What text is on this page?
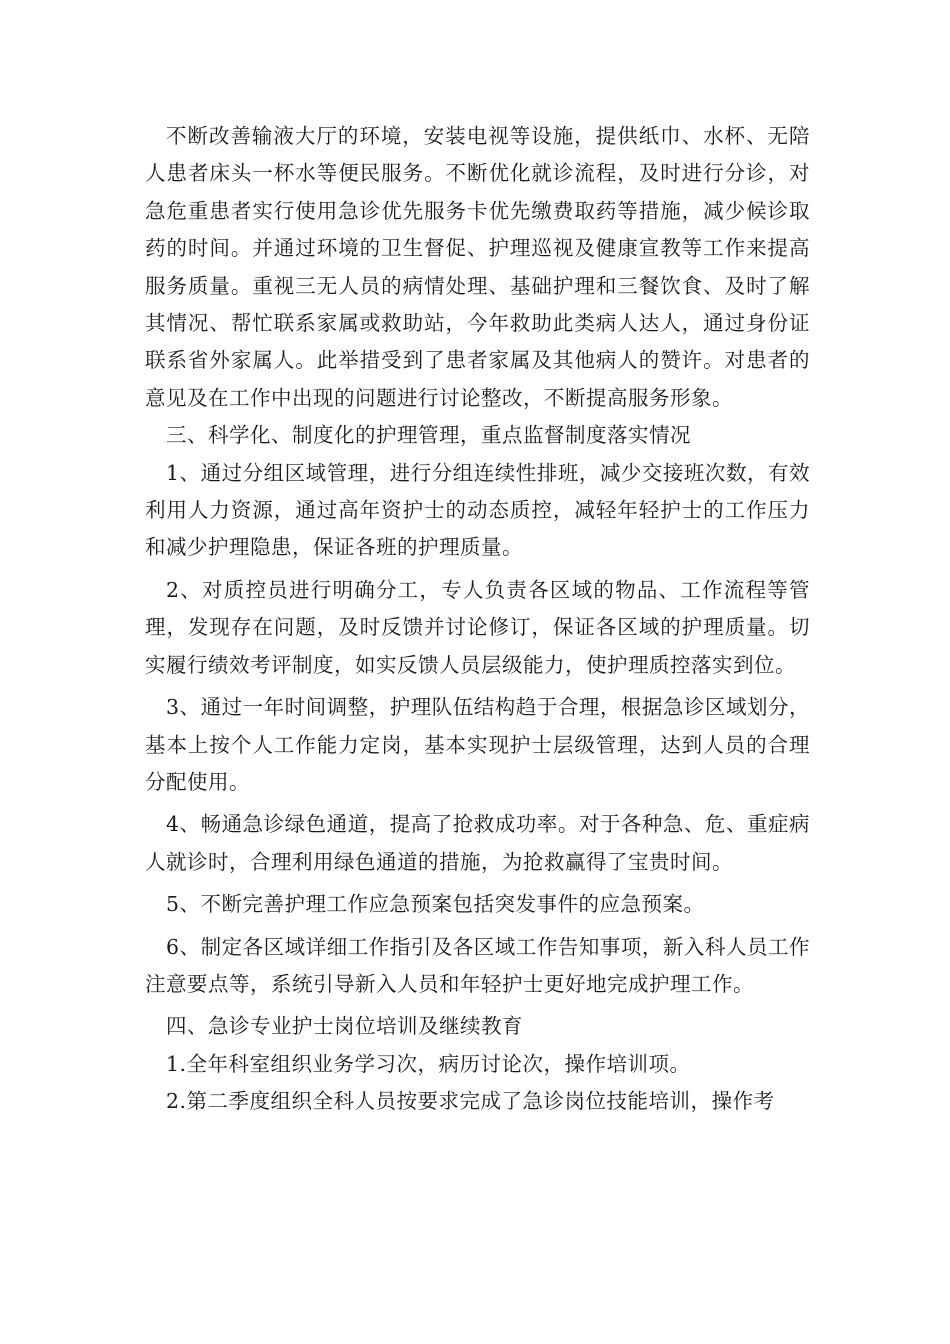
不断改善输液大厅的环境，安装电视等设施，提供纸巾、水杯、无陪人患者床头一杯水等便民服务。不断优化就诊流程，及时进行分诊，对急危重患者实行使用急诊优先服务卡优先缴费取药等措施，减少候诊取药的时间。并通过环境的卫生督促、护理巡视及健康宣教等工作来提高服务质量。重视三无人员的病情处理、基础护理和三餐饮食、及时了解其情况、帮忙联系家属或救助站，今年救助此类病人达人，通过身份证联系省外家属人。此举措受到了患者家属及其他病人的赞许。对患者的意见及在工作中出现的问题进行讨论整改，不断提高服务形象。

三、科学化、制度化的护理管理，重点监督制度落实情况

1、通过分组区域管理，进行分组连续性排班，减少交接班次数，有效利用人力资源，通过高年资护士的动态质控，减轻年轻护士的工作压力和减少护理隐患，保证各班的护理质量。

2、对质控员进行明确分工，专人负责各区域的物品、工作流程等管理，发现存在问题，及时反馈并讨论修订，保证各区域的护理质量。切实履行绩效考评制度，如实反馈人员层级能力，使护理质控落实到位。

3、通过一年时间调整，护理队伍结构趋于合理，根据急诊区域划分，基本上按个人工作能力定岗，基本实现护士层级管理，达到人员的合理分配使用。

4、畅通急诊绿色通道，提高了抢救成功率。对于各种急、危、重症病人就诊时，合理利用绿色通道的措施，为抢救赢得了宝贵时间。

5、不断完善护理工作应急预案包括突发事件的应急预案。

6、制定各区域详细工作指引及各区域工作告知事项，新入科人员工作注意要点等，系统引导新入人员和年轻护士更好地完成护理工作。

四、急诊专业护士岗位培训及继续教育

1.全年科室组织业务学习次，病历讨论次，操作培训项。

2.第二季度组织全科人员按要求完成了急诊岗位技能培训，操作考
